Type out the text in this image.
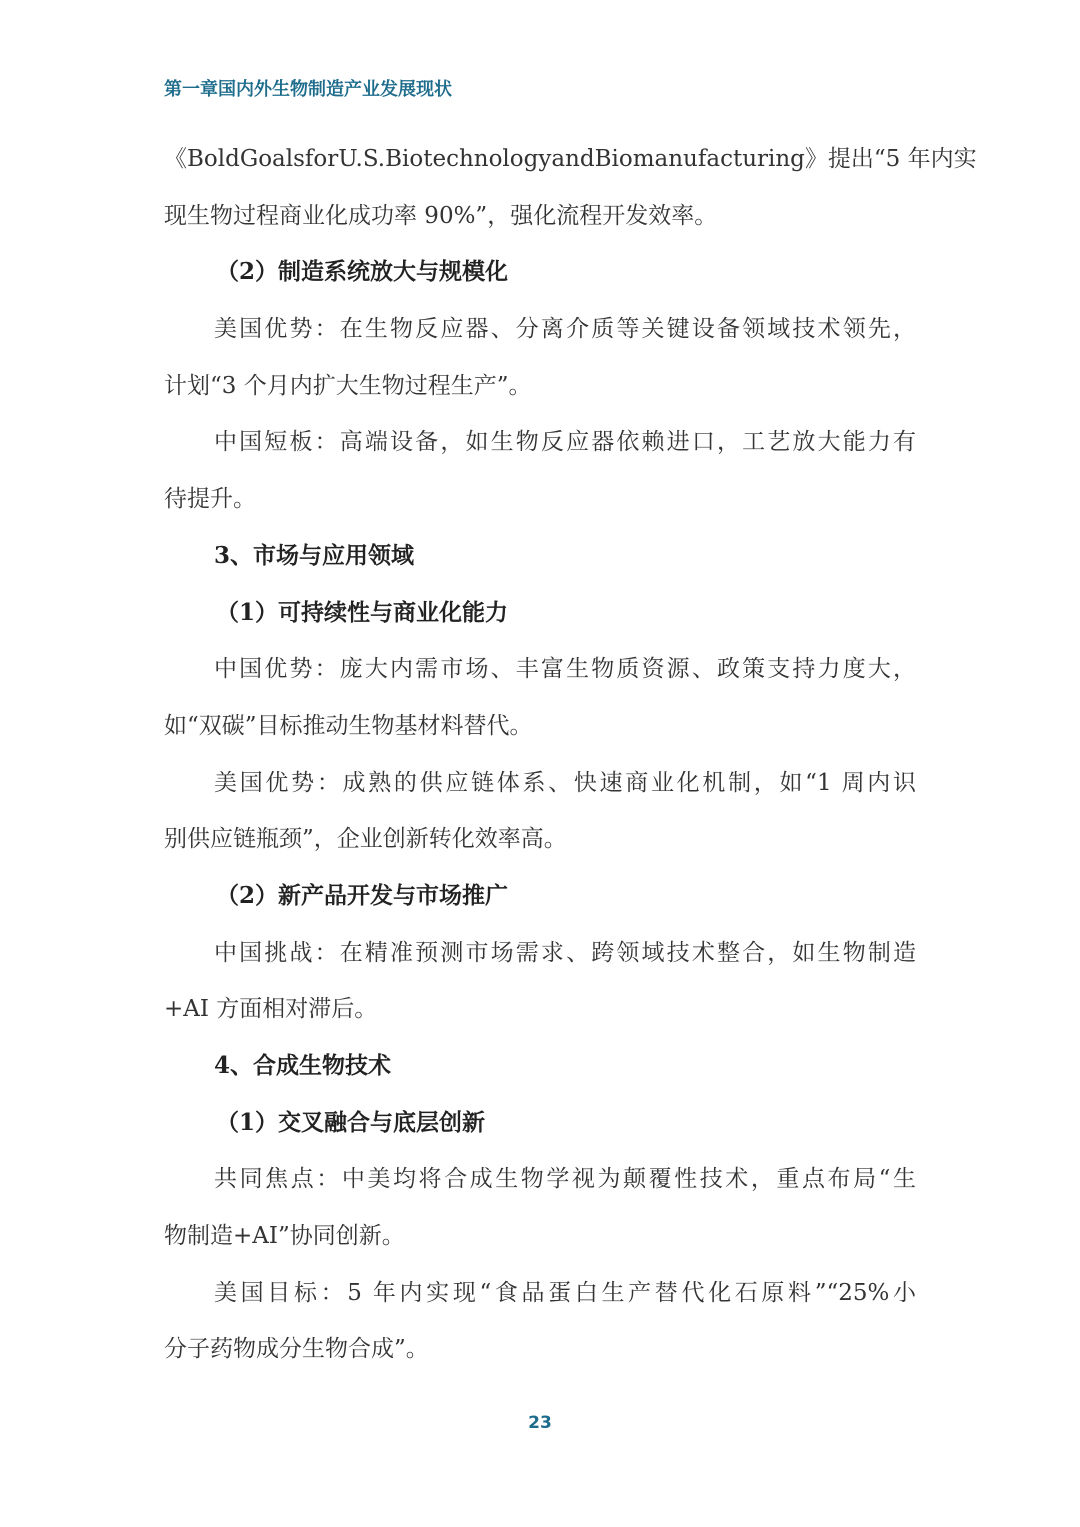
第一章国内外生物制造产业发展现状
《BoldGoalsforU.S.BiotechnologyandBiomanufacturing》提出“5 年内实
现生物过程商业化成功率 90%”，强化流程开发效率。
（2）制造系统放大与规模化
美国优势：在生物反应器、分离介质等关键设备领域技术领先，
计划“3 个月内扩大生物过程生产”。
中国短板：高端设备，如生物反应器依赖进口，工艺放大能力有
待提升。
3、市场与应用领域
（1）可持续性与商业化能力
中国优势：庞大内需市场、丰富生物质资源、政策支持力度大，
如“双碳”目标推动生物基材料替代。
美国优势：成熟的供应链体系、快速商业化机制，如“1 周内识
别供应链瓶颈”，企业创新转化效率高。
（2）新产品开发与市场推广
中国挑战：在精准预测市场需求、跨领域技术整合，如生物制造
+AI 方面相对滞后。
4、合成生物技术
（1）交叉融合与底层创新
共同焦点：中美均将合成生物学视为颠覆性技术，重点布局“生
物制造+AI”协同创新。
美国目标：5 年内实现“食品蛋白生产替代化石原料”“25%小
分子药物成分生物合成”。
23
